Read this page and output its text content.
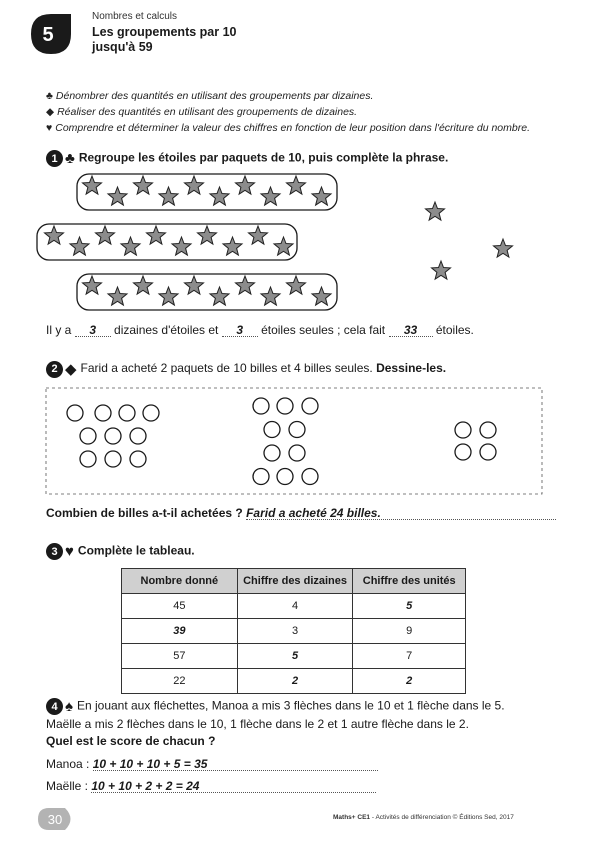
5
Nombres et calculs
Les groupements par 10
jusqu'à 59
♣ Dénombrer des quantités en utilisant des groupements par dizaines.
◆ Réaliser des quantités en utilisant des groupements de dizaines.
♥ Comprendre et déterminer la valeur des chiffres en fonction de leur position dans l'écriture du nombre.
1 ♣ Regroupe les étoiles par paquets de 10, puis complète la phrase.
Il y a 3 dizaines d'étoiles et 3 étoiles seules ; cela fait 33 étoiles.
2 ◆ Farid a acheté 2 paquets de 10 billes et 4 billes seules. Dessine-les.
Combien de billes a-t-il achetées ? Farid a acheté 24 billes.
3 ♥ Complète le tableau.
Nombre donné	Chiffre des dizaines	Chiffre des unités
45	4	5
39	3	9
57	5	7
22	2	2
4 ♠ En jouant aux fléchettes, Manoa a mis 3 flèches dans le 10 et 1 flèche dans le 5.
Maëlle a mis 2 flèches dans le 10, 1 flèche dans le 2 et 1 autre flèche dans le 2.
Quel est le score de chacun ?
Manoa : 10 + 10 + 10 + 5 = 35
Maëlle : 10 + 10 + 2 + 2 = 24
30	Maths+ CE1 - Activités de différenciation © Éditions Sed, 2017
